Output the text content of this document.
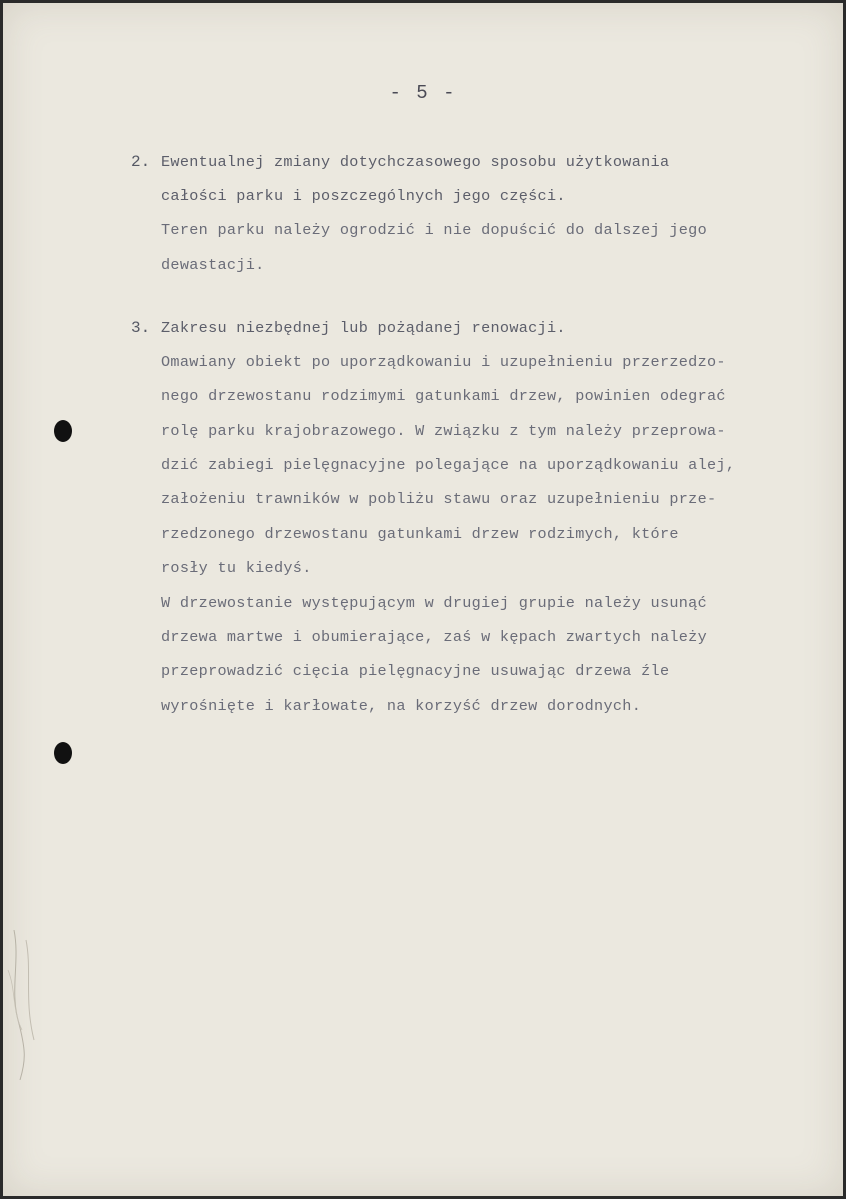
- 5 -
2. Ewentualnej zmiany dotychczasowego sposobu użytkowania
całości parku i poszczególnych jego części.
Teren parku należy ogrodzić i nie dopuścić do dalszej jego
dewastacji.
3. Zakresu niezbędnej lub pożądanej renowacji.
Omawiany obiekt po uporządkowaniu i uzupełnieniu przerzedzo-
nego drzewostanu rodzimymi gatunkami drzew, powinien odegrać
rolę parku krajobrazowego. W związku z tym należy przeprowa-
dzić zabiegi pielęgnacyjne polegające na uporządkowaniu alej,
założeniu trawników w pobliżu stawu oraz uzupełnieniu prze-
rzedzonego drzewostanu gatunkami drzew rodzimych, które
rosły tu kiedyś.
W drzewostanie występującym w drugiej grupie należy usunąć
drzewa martwe i obumierające, zaś w kępach zwartych należy
przeprowadzić cięcia pielęgnacyjne usuwając drzewa źle
wyrośnięte i karłowate, na korzyść drzew dorodnych.
